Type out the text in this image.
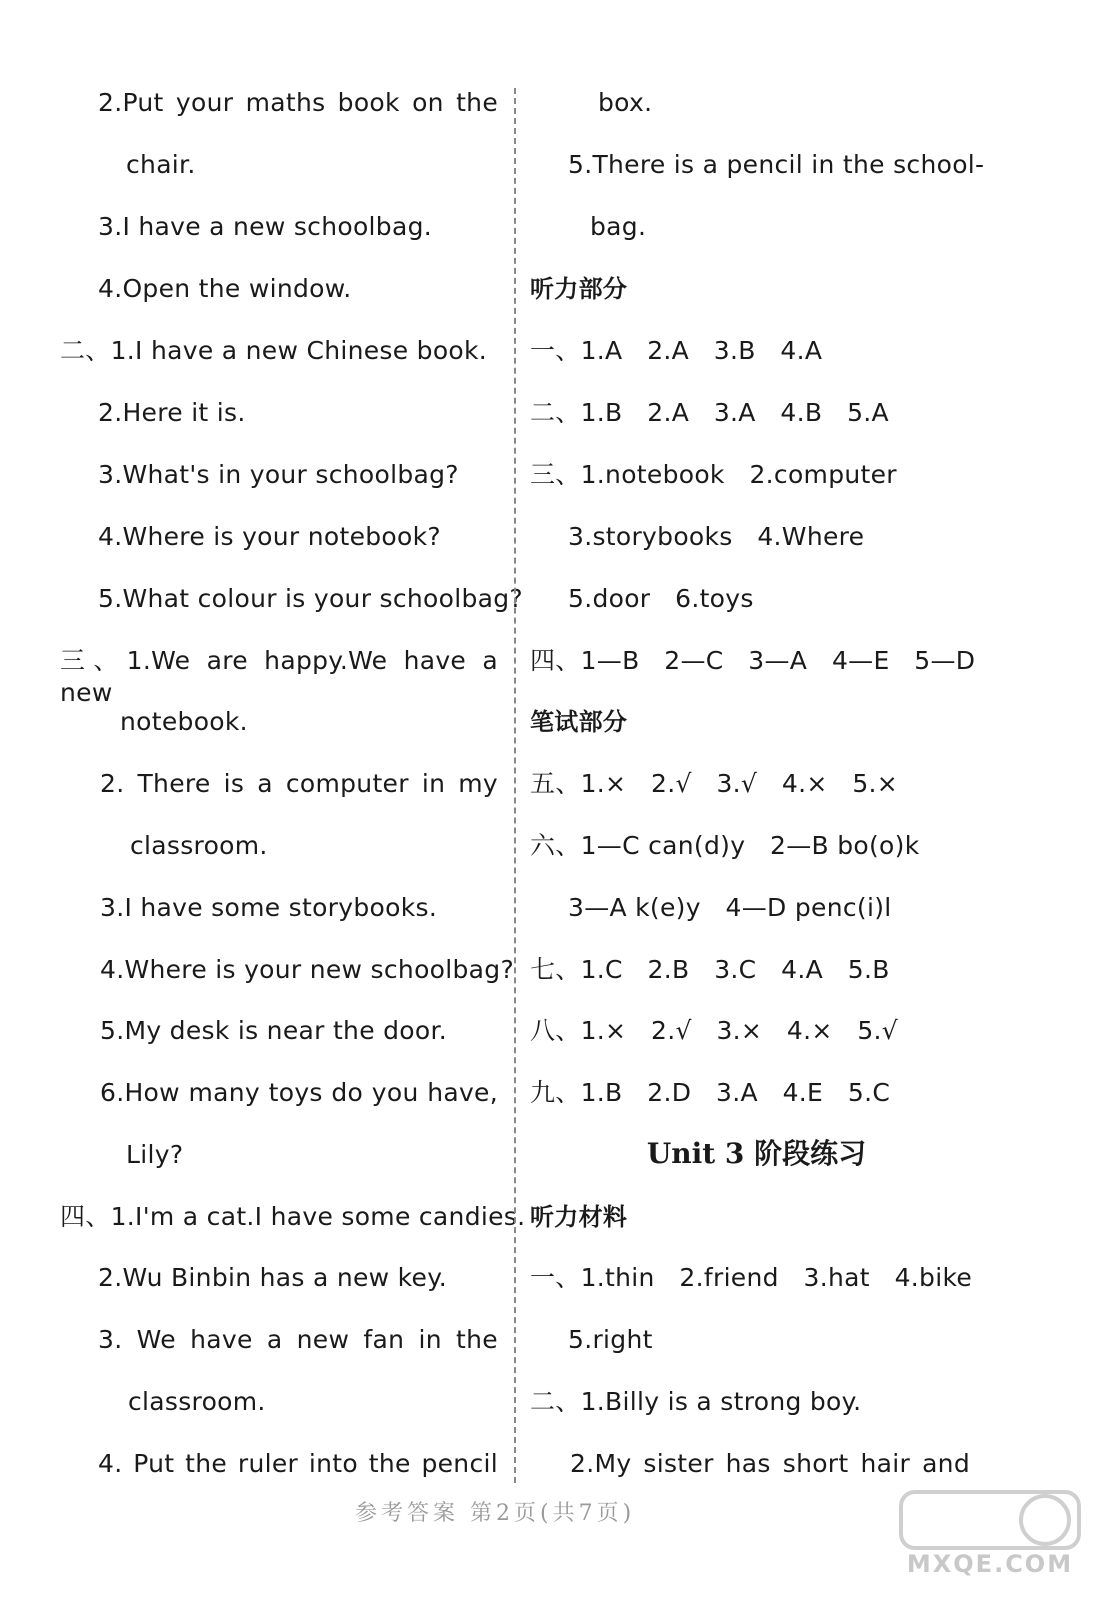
2.Put your maths book on the
chair.
3.I have a new schoolbag.
4.Open the window.
二、1.I have a new Chinese book.
2.Here it is.
3.What's in your schoolbag?
4.Where is your notebook?
5.What colour is your schoolbag?
三、1.We are happy.We have a new
notebook.
2. There is a computer in my
classroom.
3.I have some storybooks.
4.Where is your new schoolbag?
5.My desk is near the door.
6.How many toys do you have,
Lily?
四、1.I'm a cat.I have some candies.
2.Wu Binbin has a new key.
3. We have a new fan in the
classroom.
4. Put the ruler into the pencil
box.
5.There is a pencil in the school-
bag.
听力部分
一、1.A   2.A   3.B   4.A
二、1.B   2.A   3.A   4.B   5.A
三、1.notebook   2.computer
3.storybooks   4.Where
5.door   6.toys
四、1—B   2—C   3—A   4—E   5—D
笔试部分
五、1.×   2.√   3.√   4.×   5.×
六、1—C can(d)y   2—B bo(o)k
3—A k(e)y   4—D penc(i)l
七、1.C   2.B   3.C   4.A   5.B
八、1.×   2.√   3.×   4.×   5.√
九、1.B   2.D   3.A   4.E   5.C
Unit 3 阶段练习
听力材料
一、1.thin   2.friend   3.hat   4.bike
5.right
二、1.Billy is a strong boy.
2.My sister has short hair and
参考答案 第2页(共7页)
MXQE.COM
